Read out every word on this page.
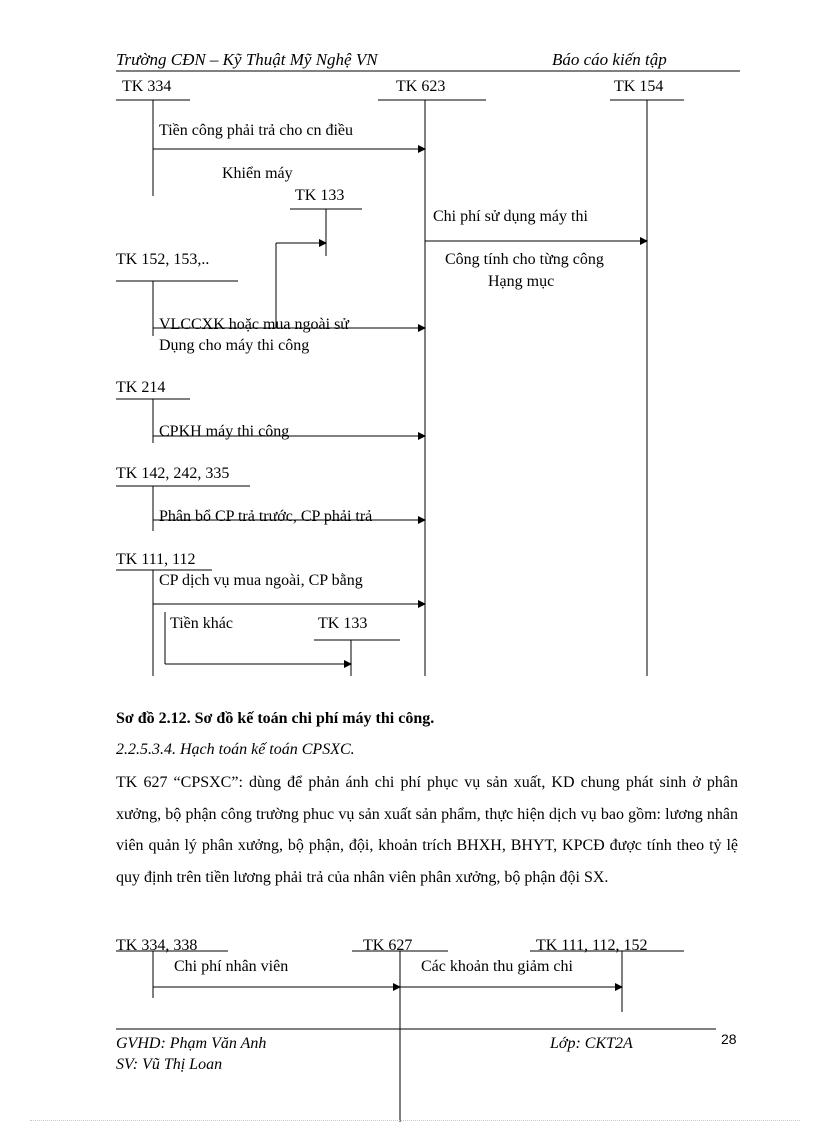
Trường CĐN – Kỹ Thuật Mỹ Nghệ VN	Báo cáo kiến tập
TK 334	TK 623	TK 154
Tiền công phải trả cho cn điều
Khiển máy
TK 133
Chi phí sử dụng máy thi
Công tính cho từng công
Hạng mục
TK 152, 153,..
VLCCXK hoặc mua ngoài sử
Dụng cho máy thi công
TK 214
CPKH máy thi công
TK 142, 242, 335
Phân bổ CP trả trước, CP phải trả
TK 111, 112
CP dịch vụ mua ngoài, CP bằng
Tiền khác	TK 133
Sơ đồ 2.12. Sơ đồ kế toán chi phí máy thi công.
2.2.5.3.4. Hạch toán kế toán CPSXC.
TK 627 “CPSXC”: dùng để phản ánh chi phí phục vụ sản xuất, KD chung phát sinh ở phân xưởng, bộ phận công trường phuc vụ sản xuất sản phẩm, thực hiện dịch vụ bao gồm: lương nhân viên quản lý phân xưởng, bộ phận, đội, khoản trích BHXH, BHYT, KPCĐ được tính theo tỷ lệ quy định trên tiền lương phải trả của nhân viên phân xưởng, bộ phận đội SX.
TK 334, 338	TK 627	TK 111, 112, 152
Chi phí nhân viên	Các khoản thu giảm chi
GVHD: Phạm Văn Anh
SV: Vũ Thị Loan
Lớp: CKT2A	28
